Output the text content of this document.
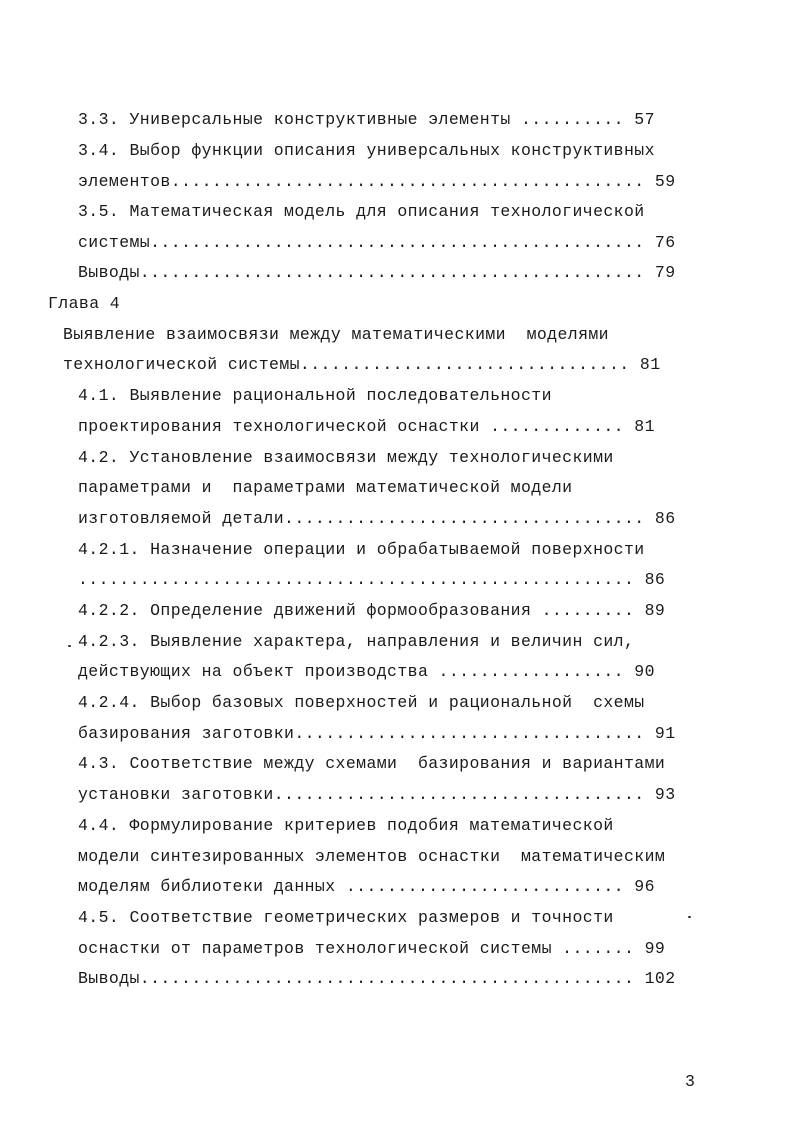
3.3. Универсальные конструктивные элементы .......... 57
3.4. Выбор функции описания универсальных конструктивных
элементов.............................................. 59
3.5. Математическая модель для описания технологической
системы................................................ 76
Выводы................................................. 79
Глава 4
Выявление взаимосвязи между математическими  моделями
технологической системы................................ 81
4.1. Выявление рациональной последовательности
проектирования технологической оснастки ............. 81
4.2. Установление взаимосвязи между технологическими
параметрами и  параметрами математической модели
изготовляемой детали................................... 86
4.2.1. Назначение операции и обрабатываемой поверхности
...................................................... 86
4.2.2. Определение движений формообразования ......... 89
4.2.3. Выявление характера, направления и величин сил,
действующих на объект производства .................. 90
4.2.4. Выбор базовых поверхностей и рациональной  схемы
базирования заготовки.................................. 91
4.3. Соответствие между схемами  базирования и вариантами
установки заготовки.................................... 93
4.4. Формулирование критериев подобия математической
модели синтезированных элементов оснастки  математическим
моделям библиотеки данных ........................... 96
4.5. Соответствие геометрических размеров и точности
оснастки от параметров технологической системы ....... 99
Выводы................................................ 102
3
